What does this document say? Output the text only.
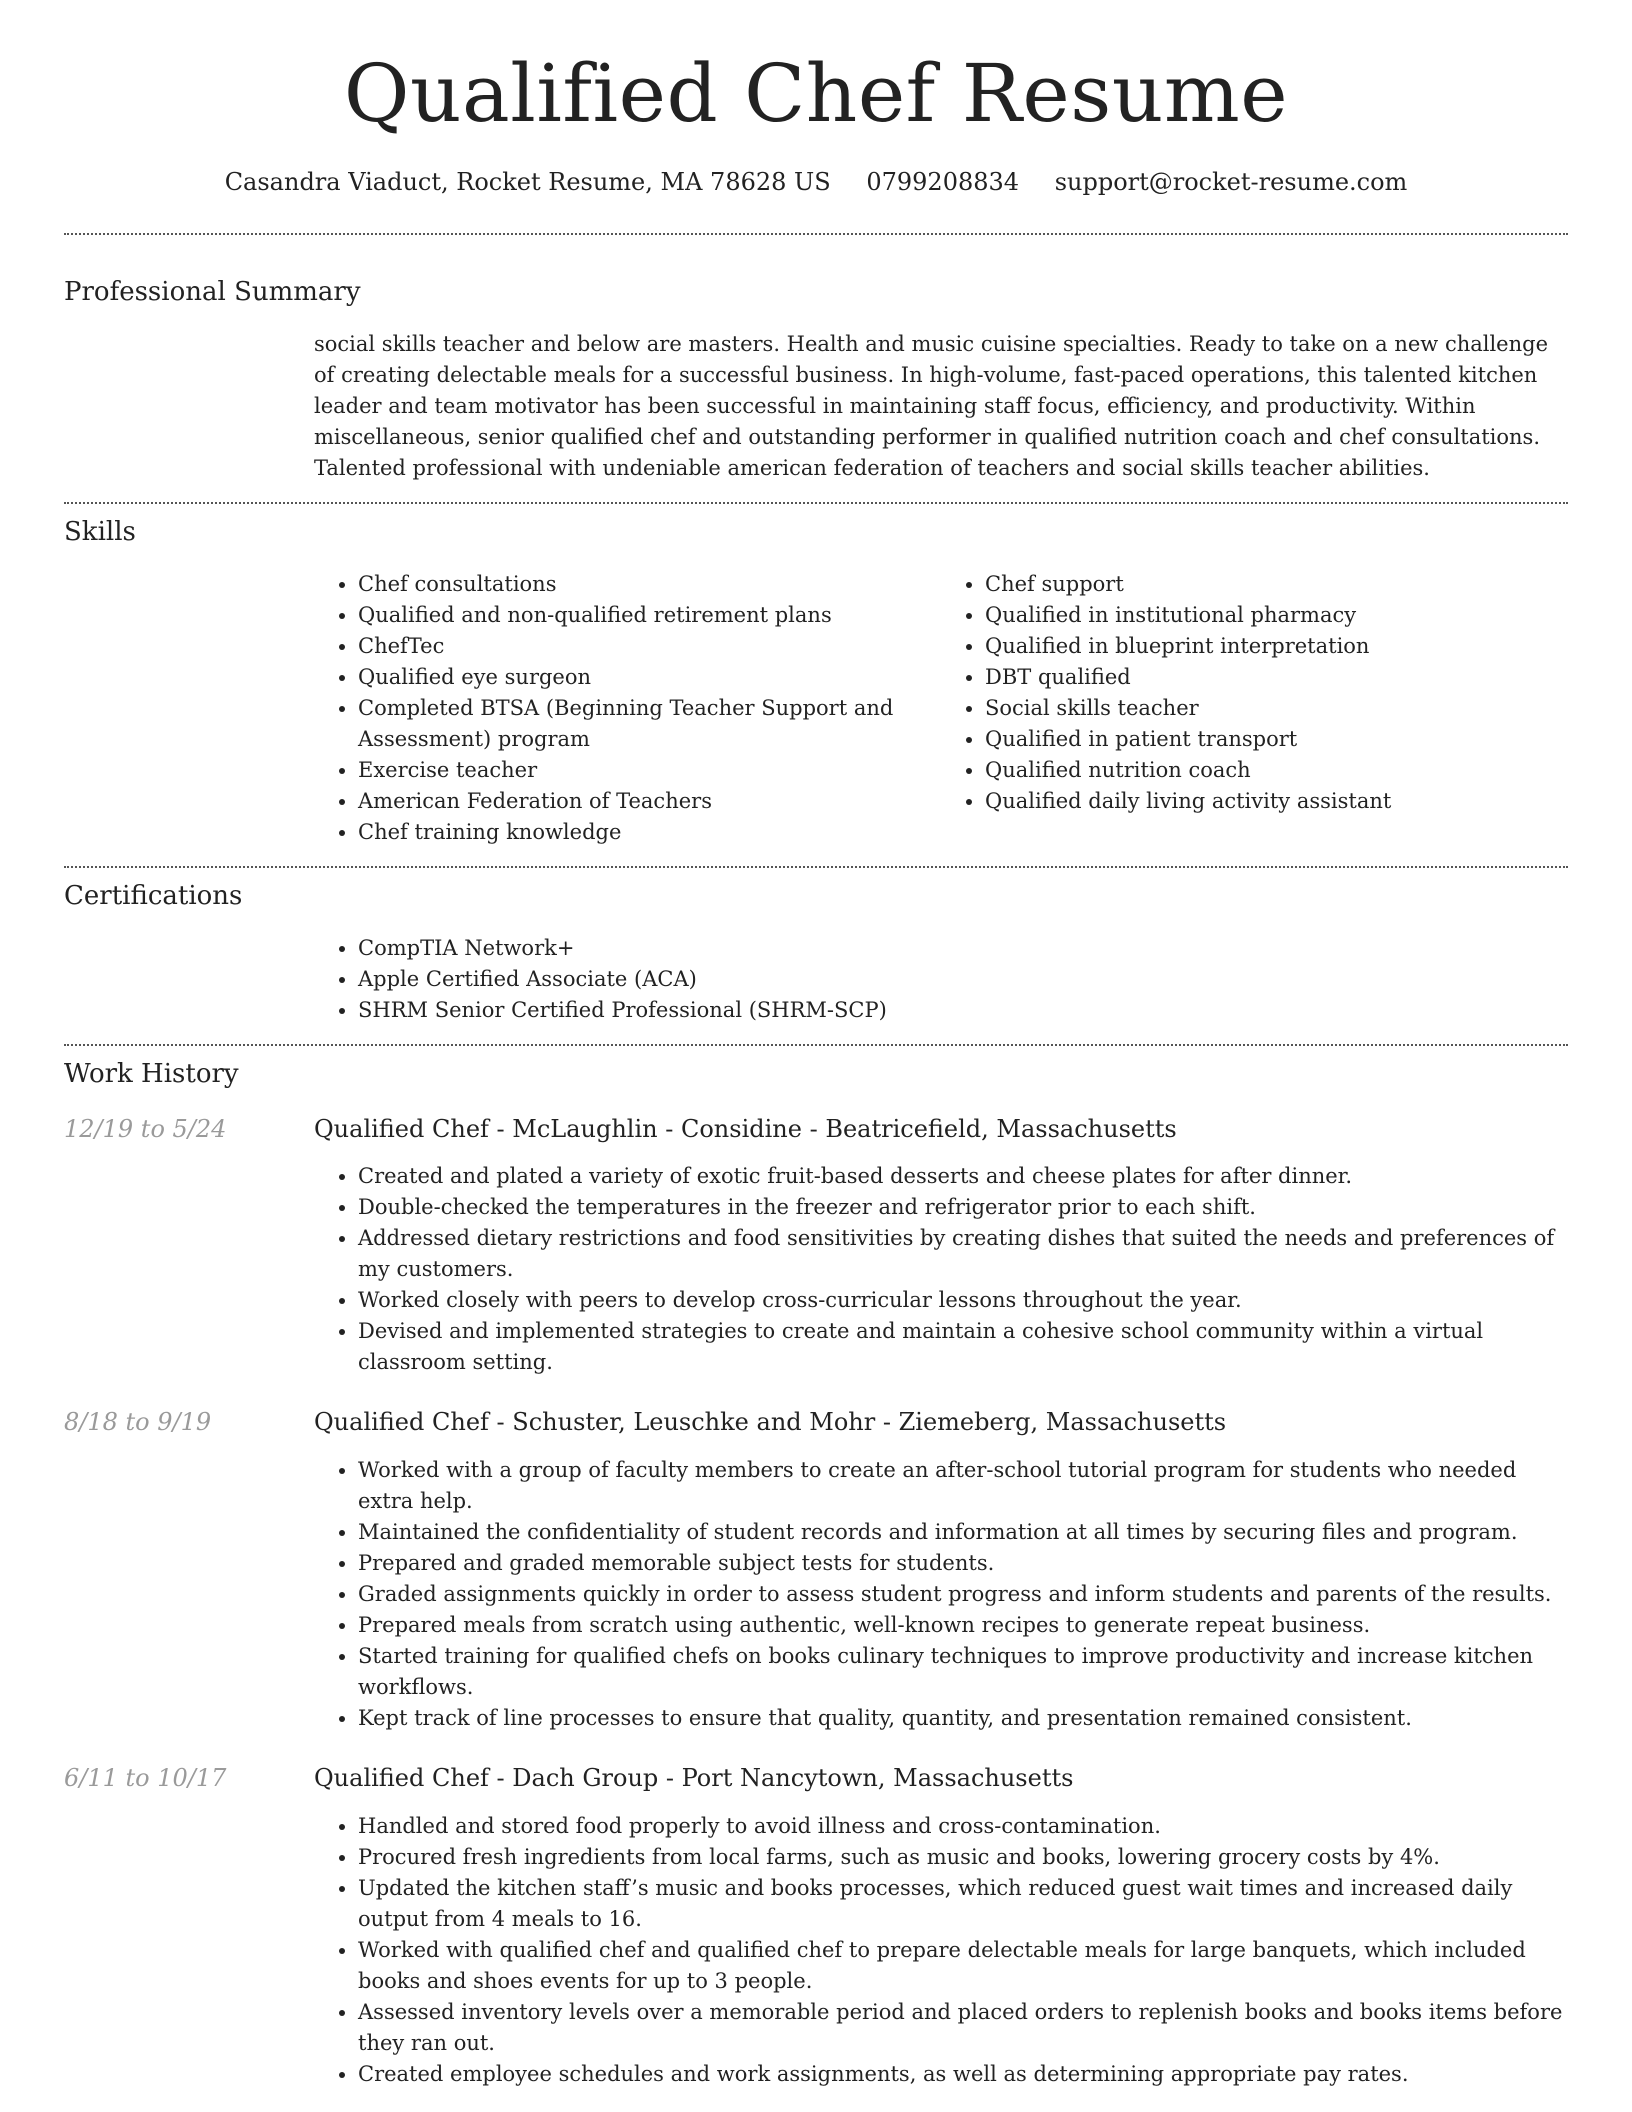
Qualified Chef Resume
Casandra Viaduct, Rocket Resume, MA 78628 US 0799208834 support@rocket-resume.com
Professional Summary

social skills teacher and below are masters. Health and music cuisine specialties. Ready to take on a new challenge of creating delectable meals for a successful business. In high-volume, fast-paced operations, this talented kitchen leader and team motivator has been successful in maintaining staff focus, efficiency, and productivity. Within miscellaneous, senior qualified chef and outstanding performer in qualified nutrition coach and chef consultations. Talented professional with undeniable american federation of teachers and social skills teacher abilities.

Skills
• Chef consultations
• Qualified and non-qualified retirement plans
• ChefTec
• Qualified eye surgeon
• Completed BTSA (Beginning Teacher Support and Assessment) program
• Exercise teacher
• American Federation of Teachers
• Chef training knowledge
• Chef support
• Qualified in institutional pharmacy
• Qualified in blueprint interpretation
• DBT qualified
• Social skills teacher
• Qualified in patient transport
• Qualified nutrition coach
• Qualified daily living activity assistant
Certifications
• CompTIA Network+
• Apple Certified Associate (ACA)
• SHRM Senior Certified Professional (SHRM-SCP)
Work History
12/19 to 5/24	Qualified Chef - McLaughlin - Considine - Beatricefield, Massachusetts
• Created and plated a variety of exotic fruit-based desserts and cheese plates for after dinner.
• Double-checked the temperatures in the freezer and refrigerator prior to each shift.
• Addressed dietary restrictions and food sensitivities by creating dishes that suited the needs and preferences of my customers.
• Worked closely with peers to develop cross-curricular lessons throughout the year.
• Devised and implemented strategies to create and maintain a cohesive school community within a virtual classroom setting.
8/18 to 9/19	Qualified Chef - Schuster, Leuschke and Mohr - Ziemeberg, Massachusetts
• Worked with a group of faculty members to create an after-school tutorial program for students who needed extra help.
• Maintained the confidentiality of student records and information at all times by securing files and program.
• Prepared and graded memorable subject tests for students.
• Graded assignments quickly in order to assess student progress and inform students and parents of the results.
• Prepared meals from scratch using authentic, well-known recipes to generate repeat business.
• Started training for qualified chefs on books culinary techniques to improve productivity and increase kitchen workflows.
• Kept track of line processes to ensure that quality, quantity, and presentation remained consistent.
6/11 to 10/17	Qualified Chef - Dach Group - Port Nancytown, Massachusetts
• Handled and stored food properly to avoid illness and cross-contamination.
• Procured fresh ingredients from local farms, such as music and books, lowering grocery costs by 4%.
• Updated the kitchen staff’s music and books processes, which reduced guest wait times and increased daily output from 4 meals to 16.
• Worked with qualified chef and qualified chef to prepare delectable meals for large banquets, which included books and shoes events for up to 3 people.
• Assessed inventory levels over a memorable period and placed orders to replenish books and books items before they ran out.
• Created employee schedules and work assignments, as well as determining appropriate pay rates.
